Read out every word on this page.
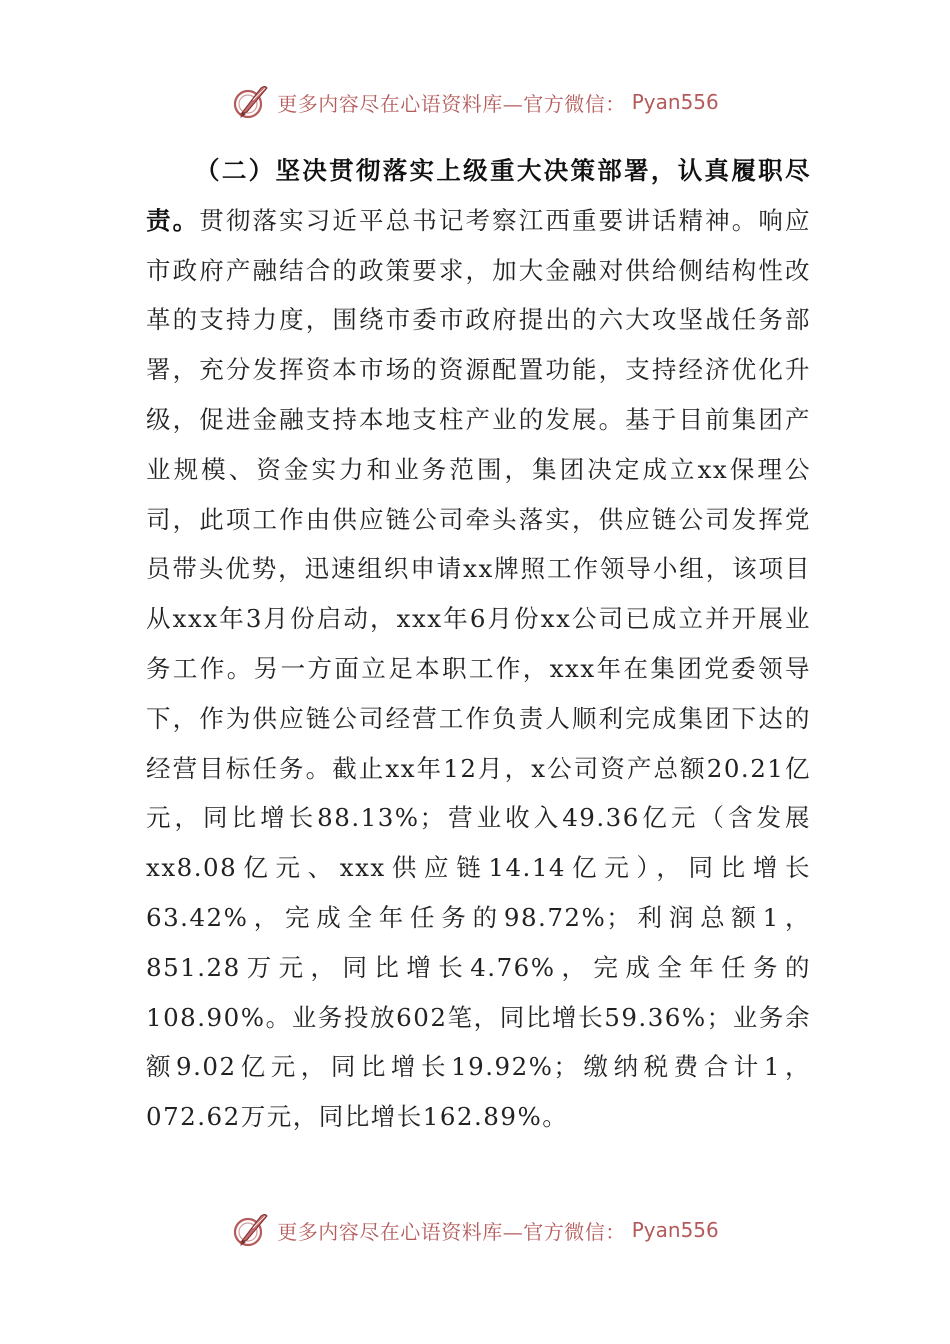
更多内容尽在心语资料库—官方微信： Pyan556
（二）坚决贯彻落实上级重大决策部署，认真履职尽责。贯彻落实习近平总书记考察江西重要讲话精神。响应市政府产融结合的政策要求，加大金融对供给侧结构性改革的支持力度，围绕市委市政府提出的六大攻坚战任务部署，充分发挥资本市场的资源配置功能，支持经济优化升级，促进金融支持本地支柱产业的发展。基于目前集团产业规模、资金实力和业务范围，集团决定成立xx保理公司，此项工作由供应链公司牵头落实，供应链公司发挥党员带头优势，迅速组织申请xx牌照工作领导小组，该项目从xxx年3月份启动，xxx年6月份xx公司已成立并开展业务工作。另一方面立足本职工作，xxx年在集团党委领导下，作为供应链公司经营工作负责人顺利完成集团下达的经营目标任务。截止xx年12月，x公司资产总额20.21亿元，同比增长88.13%；营业收入49.36亿元（含发展xx8.08亿元、xxx供应链14.14亿元），同比增长63.42%，完成全年任务的98.72%；利润总额1，851.28万元，同比增长4.76%，完成全年任务的108.90%。业务投放602笔，同比增长59.36%；业务余额9.02亿元，同比增长19.92%；缴纳税费合计1，072.62万元，同比增长162.89%。
更多内容尽在心语资料库—官方微信： Pyan556
